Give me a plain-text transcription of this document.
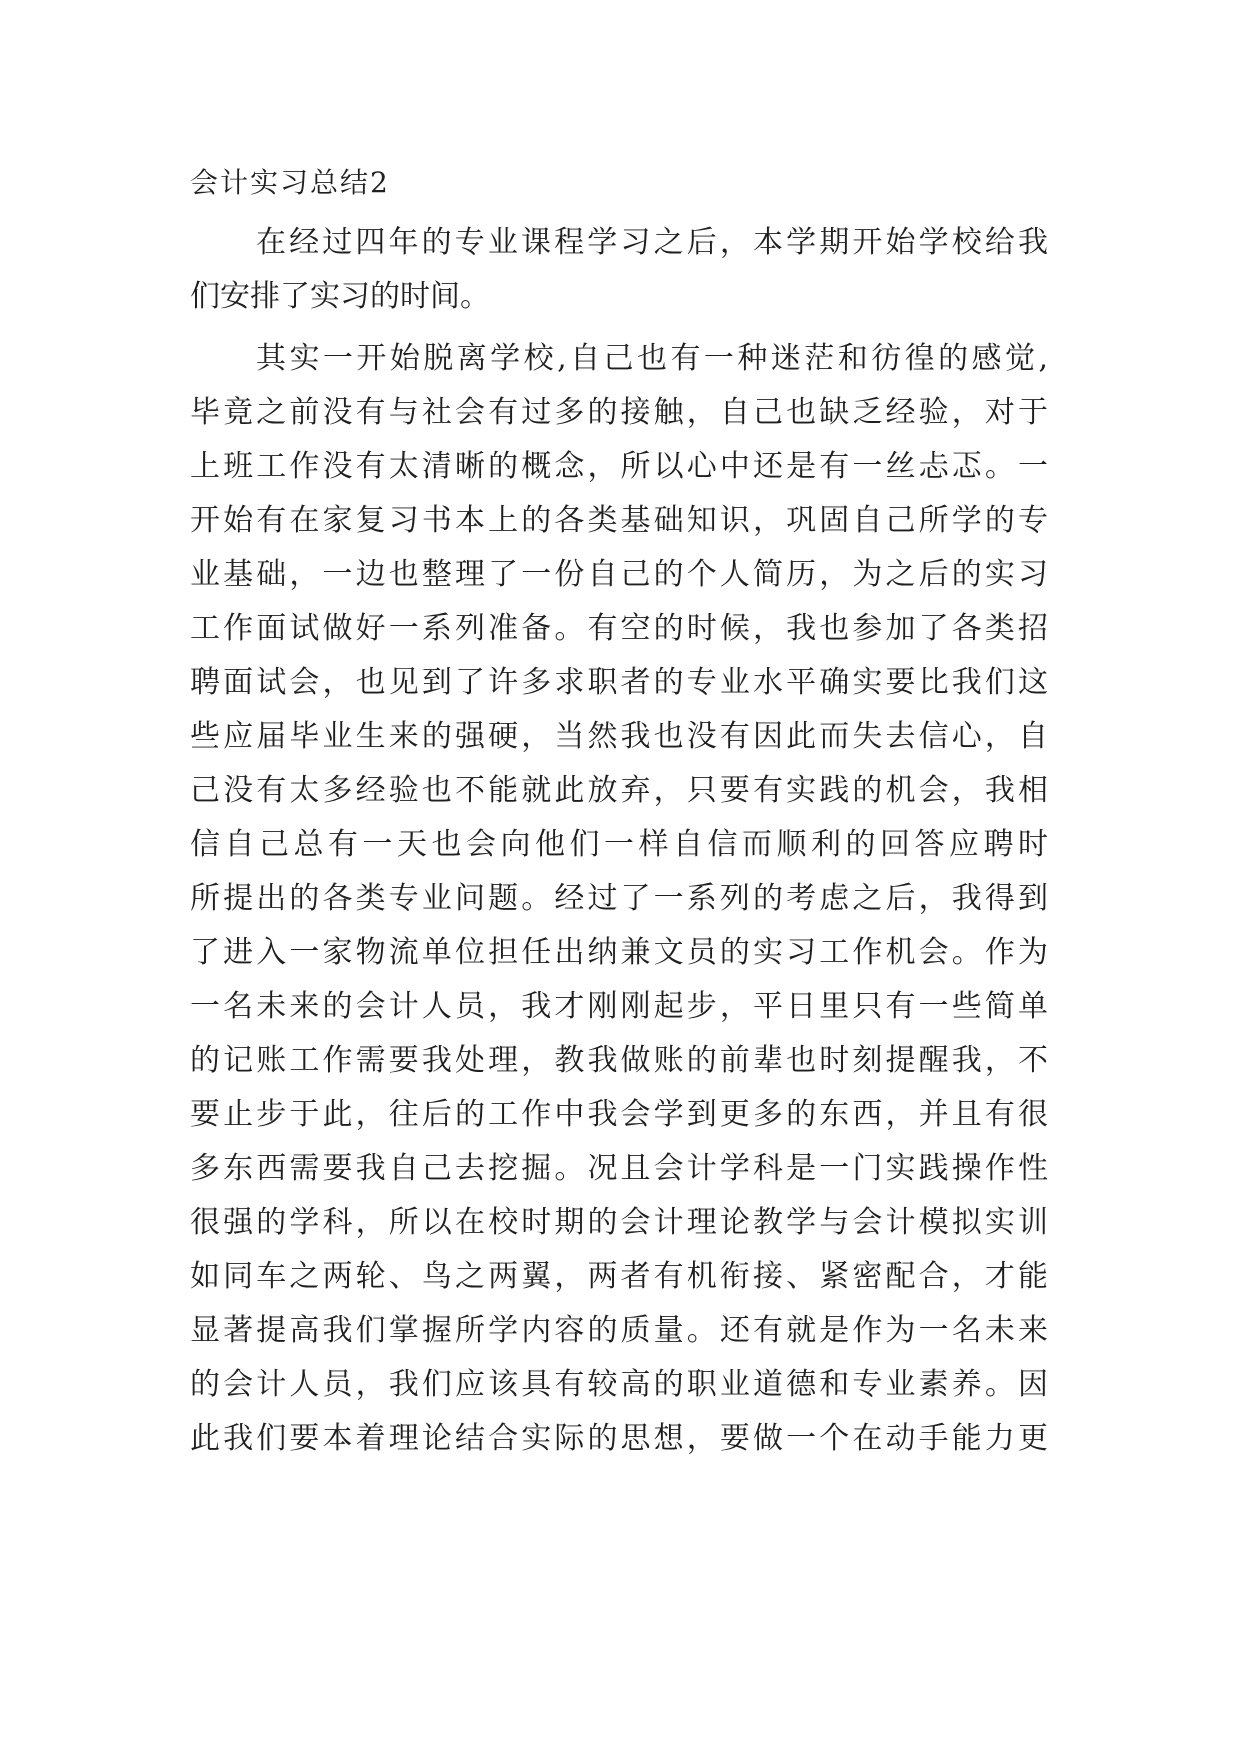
会计实习总结2
在经过四年的专业课程学习之后，本学期开始学校给我
们安排了实习的时间。
其实一开始脱离学校,自己也有一种迷茫和彷徨的感觉,
毕竟之前没有与社会有过多的接触，自己也缺乏经验，对于
上班工作没有太清晰的概念，所以心中还是有一丝忐忑。一
开始有在家复习书本上的各类基础知识，巩固自己所学的专
业基础，一边也整理了一份自己的个人简历，为之后的实习
工作面试做好一系列准备。有空的时候，我也参加了各类招
聘面试会，也见到了许多求职者的专业水平确实要比我们这
些应届毕业生来的强硬，当然我也没有因此而失去信心，自
己没有太多经验也不能就此放弃，只要有实践的机会，我相
信自己总有一天也会向他们一样自信而顺利的回答应聘时
所提出的各类专业问题。经过了一系列的考虑之后，我得到
了进入一家物流单位担任出纳兼文员的实习工作机会。作为
一名未来的会计人员，我才刚刚起步，平日里只有一些简单
的记账工作需要我处理，教我做账的前辈也时刻提醒我，不
要止步于此，往后的工作中我会学到更多的东西，并且有很
多东西需要我自己去挖掘。况且会计学科是一门实践操作性
很强的学科，所以在校时期的会计理论教学与会计模拟实训
如同车之两轮、鸟之两翼，两者有机衔接、紧密配合，才能
显著提高我们掌握所学内容的质量。还有就是作为一名未来
的会计人员，我们应该具有较高的职业道德和专业素养。因
此我们要本着理论结合实际的思想，要做一个在动手能力更
